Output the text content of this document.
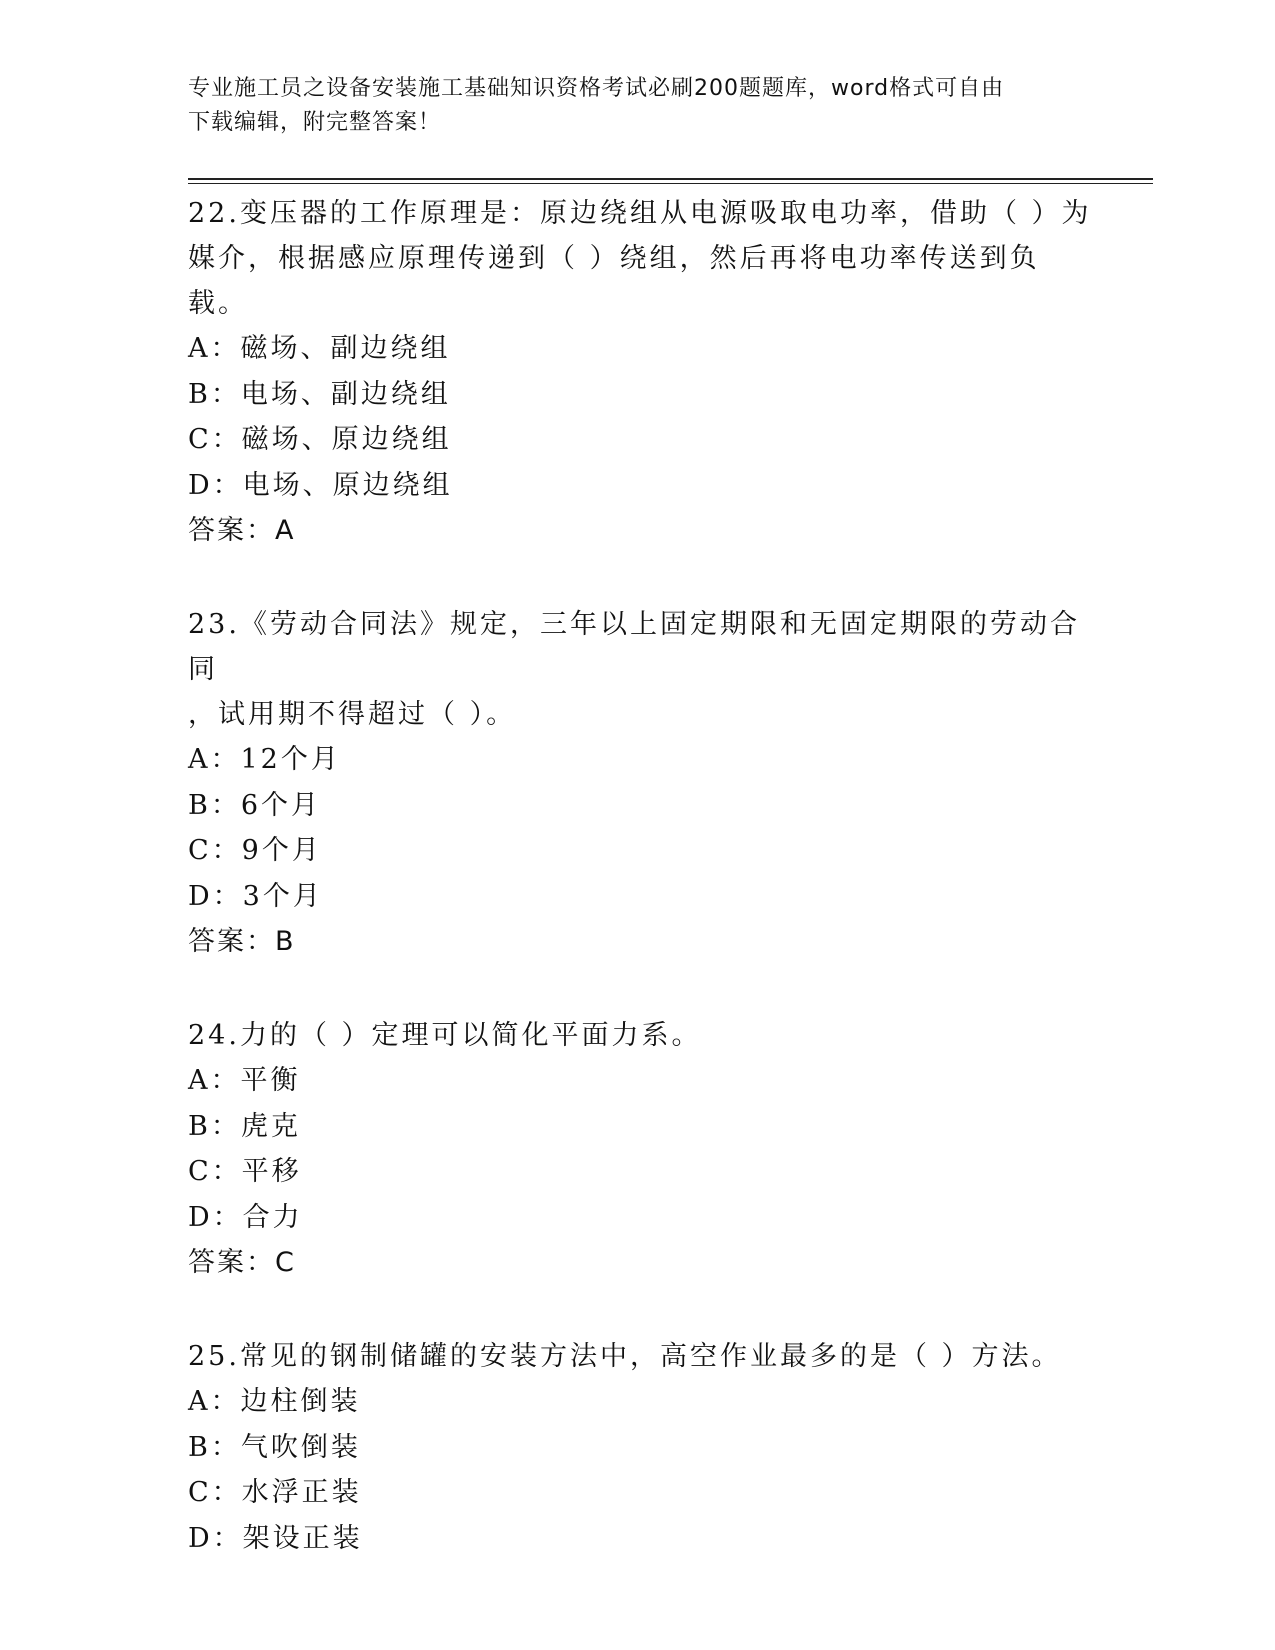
专业施工员之设备安装施工基础知识资格考试必刷200题题库，word格式可自由
下载编辑，附完整答案！
22.变压器的工作原理是：原边绕组从电源吸取电功率，借助（ ）为
媒介，根据感应原理传递到（ ）绕组，然后再将电功率传送到负载。
A：磁场、副边绕组
B：电场、副边绕组
C：磁场、原边绕组
D：电场、原边绕组
答案：A
23.《劳动合同法》规定，三年以上固定期限和无固定期限的劳动合同
，试用期不得超过（ ）。
A：12个月
B：6个月
C：9个月
D：3个月
答案：B
24.力的（ ）定理可以简化平面力系。
A：平衡
B：虎克
C：平移
D：合力
答案：C
25.常见的钢制储罐的安装方法中，高空作业最多的是（ ）方法。
A：边柱倒装
B：气吹倒装
C：水浮正装
D：架设正装
